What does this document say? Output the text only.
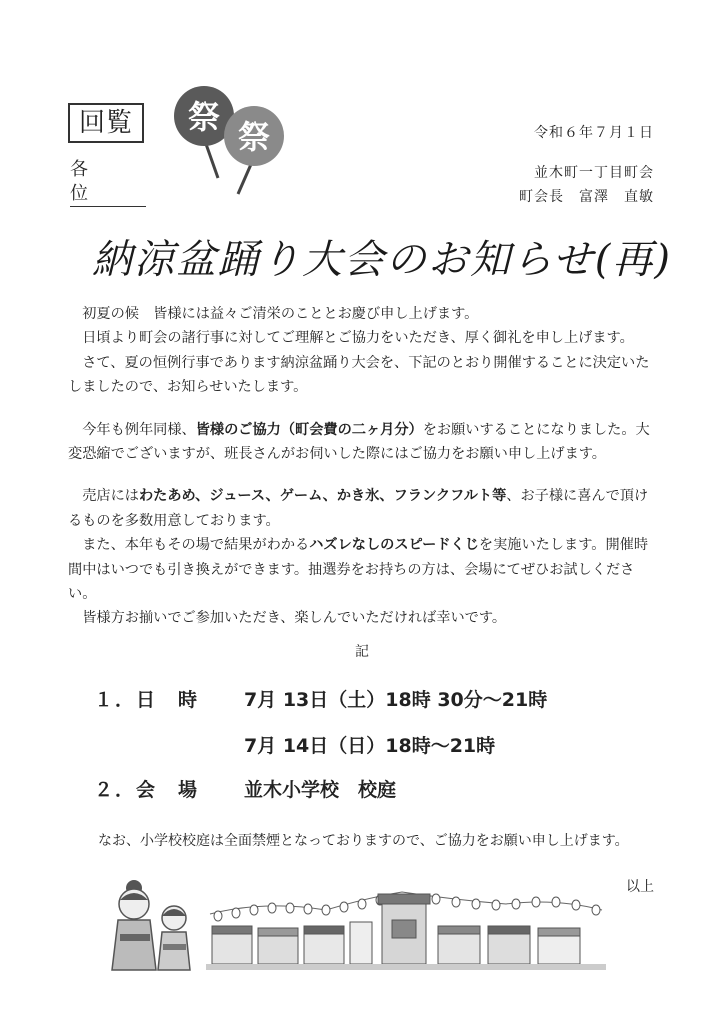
回覧
各 位
祭
祭	令和６年７月１日
並木町一丁目町会
町会長　富澤　直敏
納涼盆踊り大会のお知らせ(再)

初夏の候　皆様には益々ご清栄のこととお慶び申し上げます。

日頃より町会の諸行事に対してご理解とご協力をいただき、厚く御礼を申し上げます。

さて、夏の恒例行事であります納涼盆踊り大会を、下記のとおり開催することに決定いたしましたので、お知らせいたします。

今年も例年同様、皆様のご協力（町会費の二ヶ月分）をお願いすることになりました。大変恐縮でございますが、班長さんがお伺いした際にはご協力をお願い申し上げます。

売店にはわたあめ、ジュース、ゲーム、かき氷、フランクフルト等、お子様に喜んで頂けるものを多数用意しております。

また、本年もその場で結果がわかるハズレなしのスピードくじを実施いたします。開催時間中はいつでも引き換えができます。抽選券をお持ちの方は、会場にてぜひお試しください。

皆様方お揃いでご参加いただき、楽しんでいただければ幸いです。

記
１．日　時 7月 13日（土）18時 30分～21時
7月 14日（日）18時～21時
２．会　場 並木小学校　校庭
なお、小学校校庭は全面禁煙となっておりますので、ご協力をお願い申し上げます。
以上
